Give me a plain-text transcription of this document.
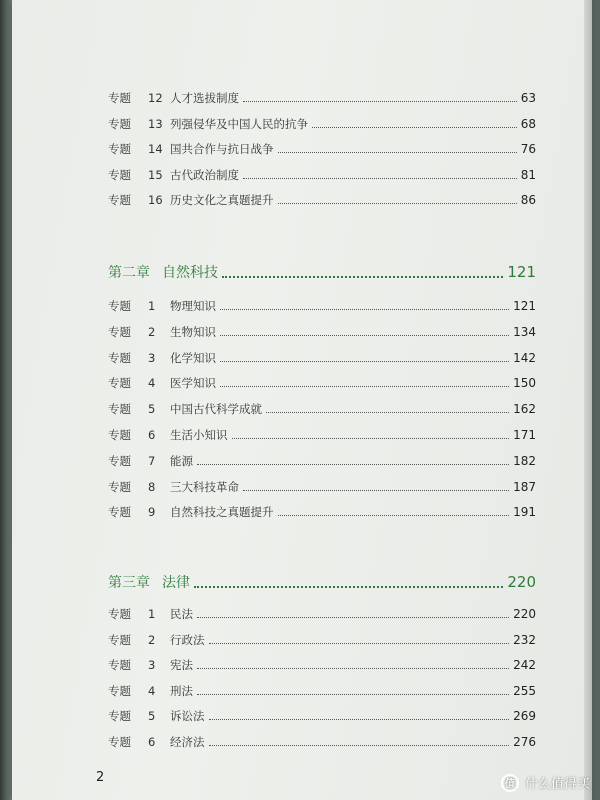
专题	12 人才选拔制度	63
专题	13 列强侵华及中国人民的抗争	68
专题	14 国共合作与抗日战争	76
专题	15 古代政治制度	81
专题	16 历史文化之真题提升	86
第二章 自然科技	121
专题	1	物理知识	121
专题	2	生物知识	134
专题	3	化学知识	142
专题	4	医学知识	150
专题	5	中国古代科学成就	162
专题	6	生活小知识	171
专题	7	能源	182
专题	8	三大科技革命	187
专题	9	自然科技之真题提升	191
第三章 法律	220
专题	1	民法	220
专题	2	行政法	232
专题	3	宪法	242
专题	4	刑法	255
专题	5	诉讼法	269
专题	6	经济法	276
2	值 什么值得买
